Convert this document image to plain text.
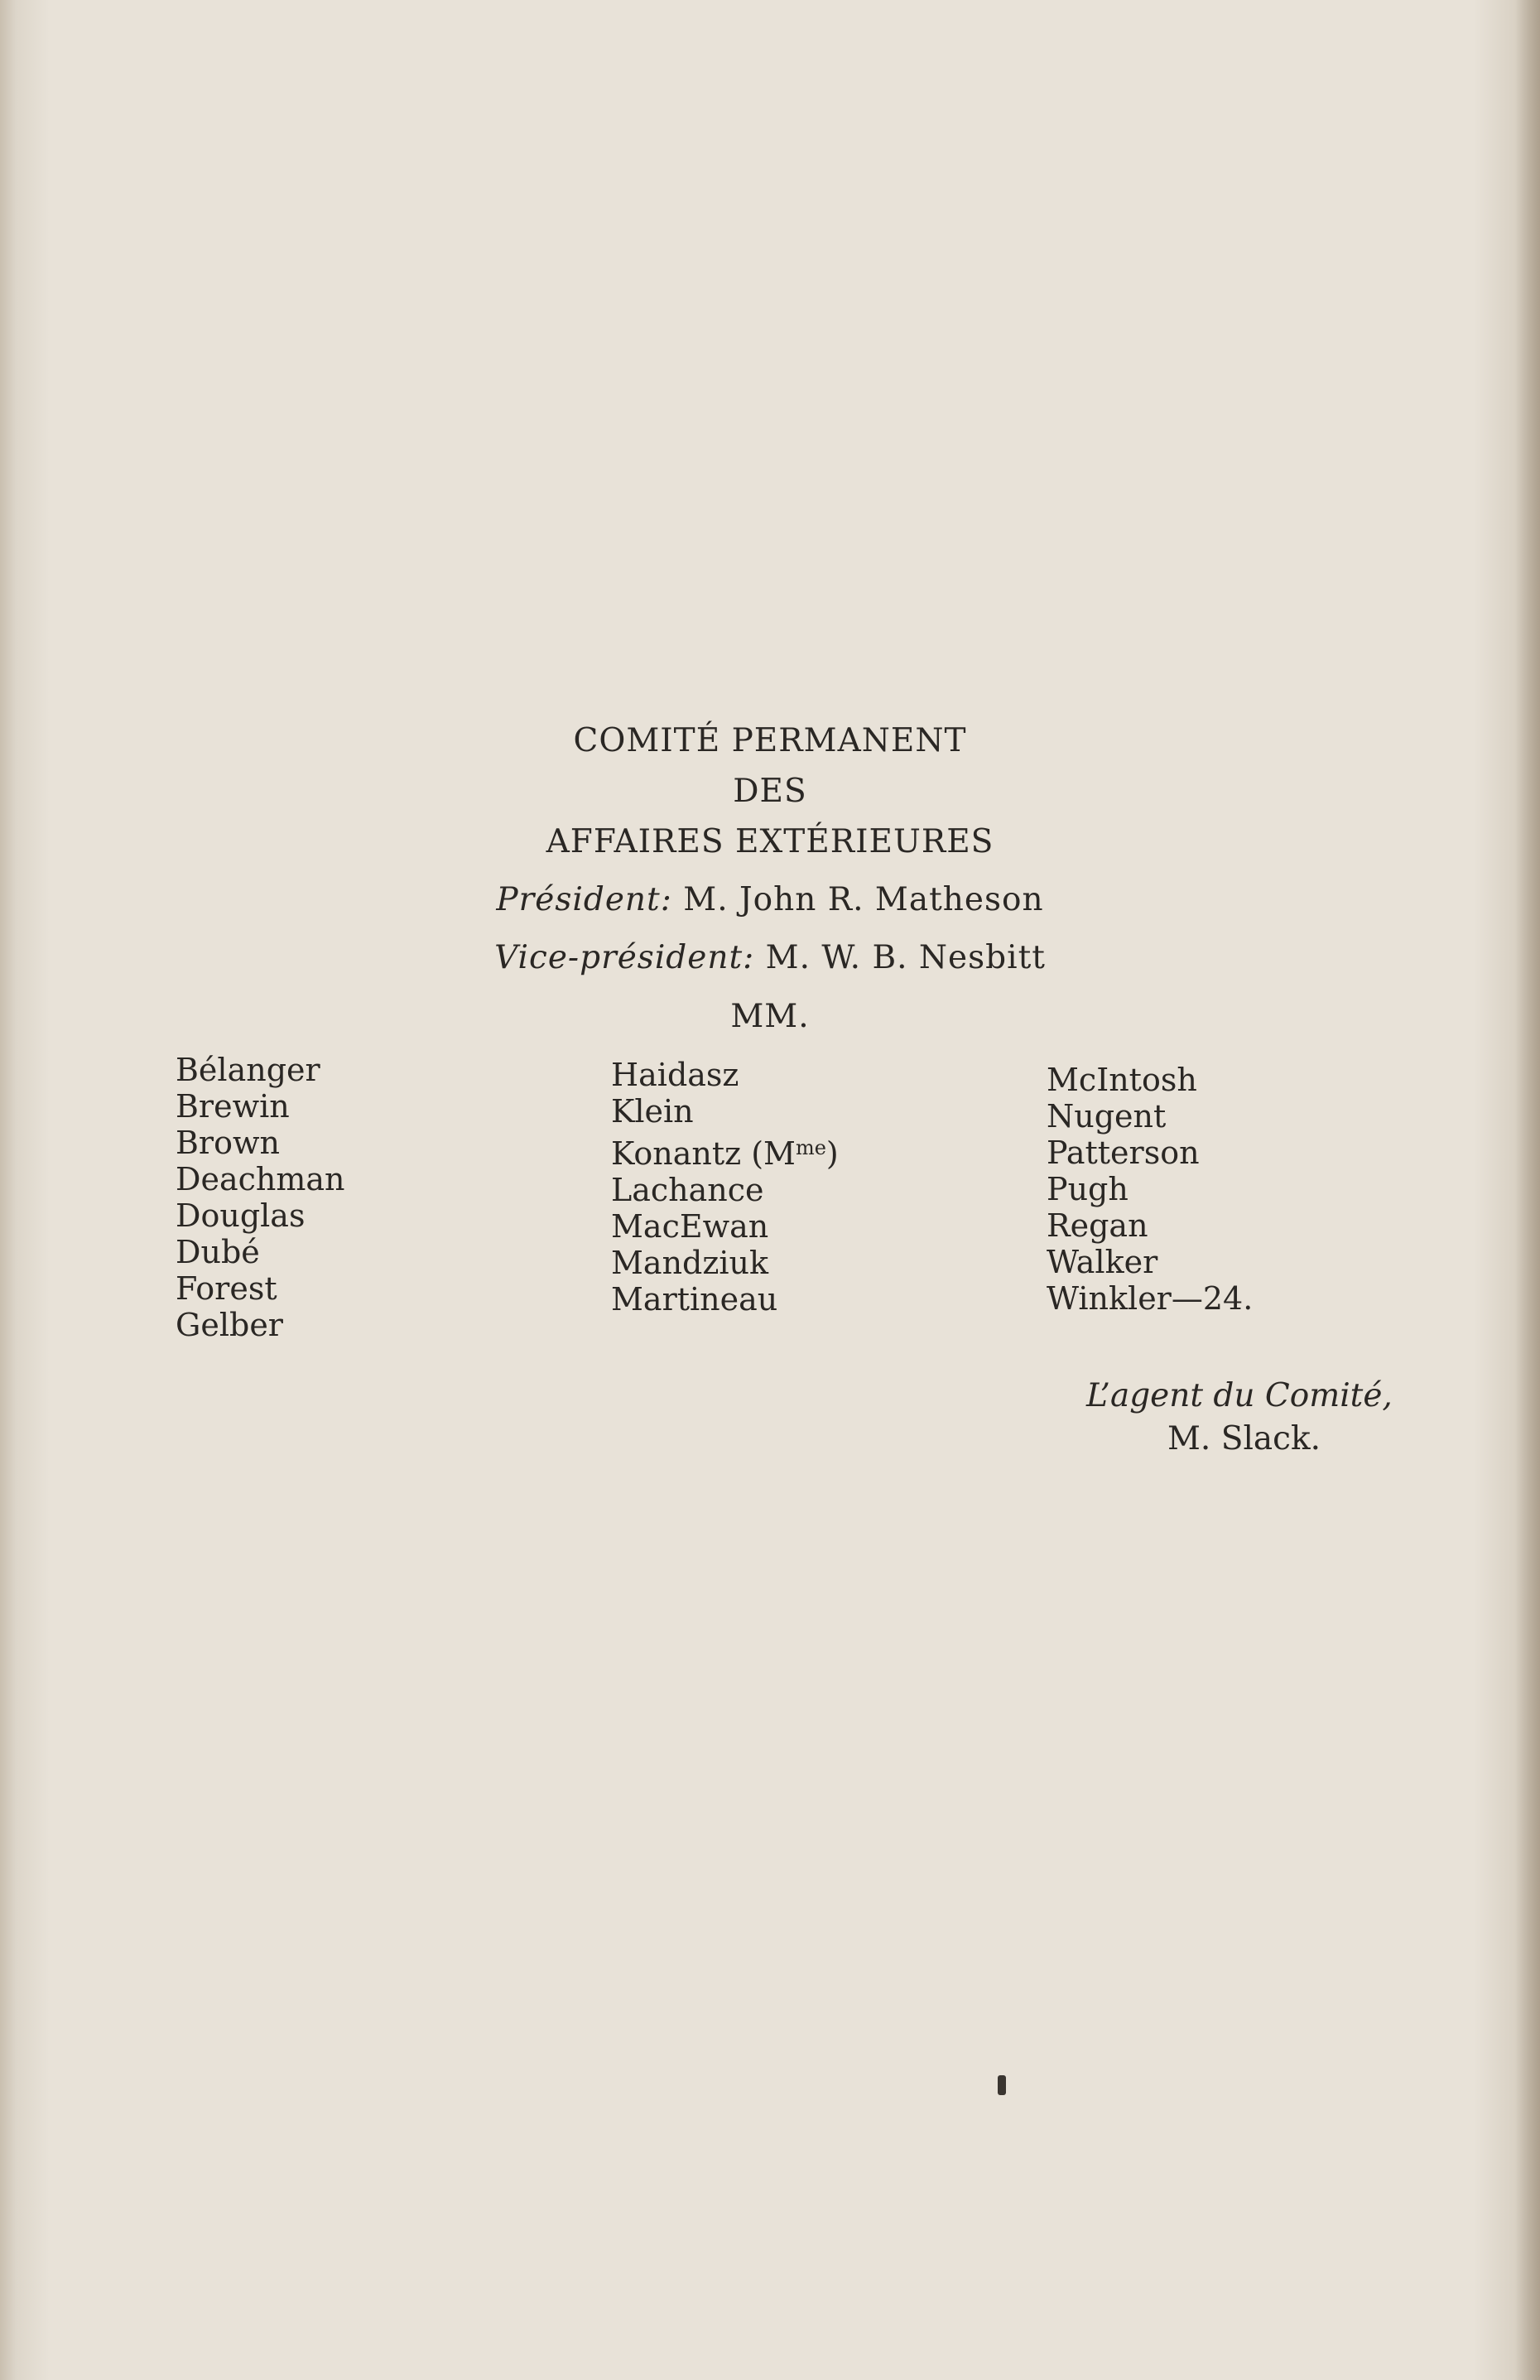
COMITÉ PERMANENT
DES
AFFAIRES EXTÉRIEURES
Président: M. John R. Matheson
Vice-président: M. W. B. Nesbitt
MM.
Bélanger
Brewin
Brown
Deachman
Douglas
Dubé
Forest
Gelber
Haidasz
Klein
Konantz $(M^{me})$
Lachance
MacEwan
Mandziuk
Martineau
McIntosh
Nugent
Patterson
Pugh
Regan
Walker
Winkler—24.
L’agent du Comité,
M. Slack.
